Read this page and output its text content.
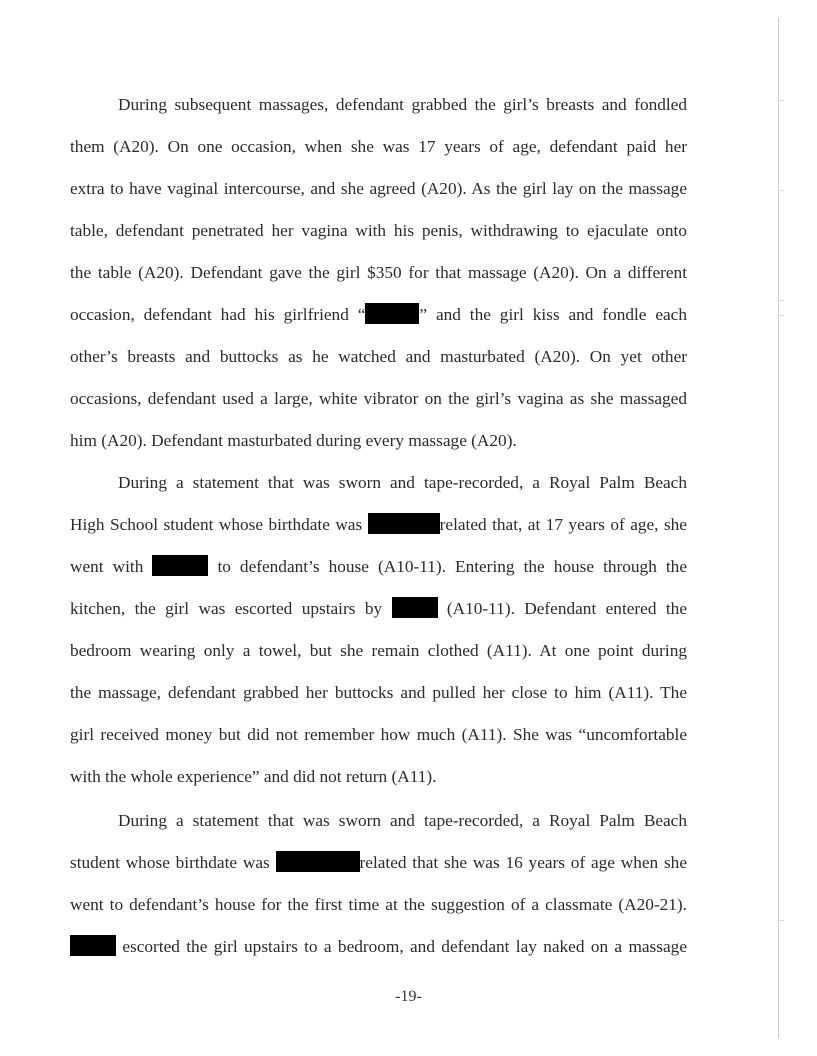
During subsequent massages, defendant grabbed the girl’s breasts and fondled
them (A20). On one occasion, when she was 17 years of age, defendant paid her
extra to have vaginal intercourse, and she agreed (A20). As the girl lay on the massage
table, defendant penetrated her vagina with his penis, withdrawing to ejaculate onto
the table (A20). Defendant gave the girl $350 for that massage (A20). On a different
occasion, defendant had his girlfriend “	” and the girl kiss and fondle each
other’s breasts and buttocks as he watched and masturbated (A20). On yet other
occasions, defendant used a large, white vibrator on the girl’s vagina as she massaged
him (A20). Defendant masturbated during every massage (A20).
During a statement that was sworn and tape-recorded, a Royal Palm Beach
High School student whose birthdate was	related that, at 17 years of age, she
went with	to defendant’s house (A10-11). Entering the house through the
kitchen, the girl was escorted upstairs by	(A10-11). Defendant entered the
bedroom wearing only a towel, but she remain clothed (A11). At one point during
the massage, defendant grabbed her buttocks and pulled her close to him (A11). The
girl received money but did not remember how much (A11). She was “uncomfortable
with the whole experience” and did not return (A11).
During a statement that was sworn and tape-recorded, a Royal Palm Beach
student whose birthdate was	related that she was 16 years of age when she
went to defendant’s house for the first time at the suggestion of a classmate (A20-21).
escorted the girl upstairs to a bedroom, and defendant lay naked on a massage
-19-
